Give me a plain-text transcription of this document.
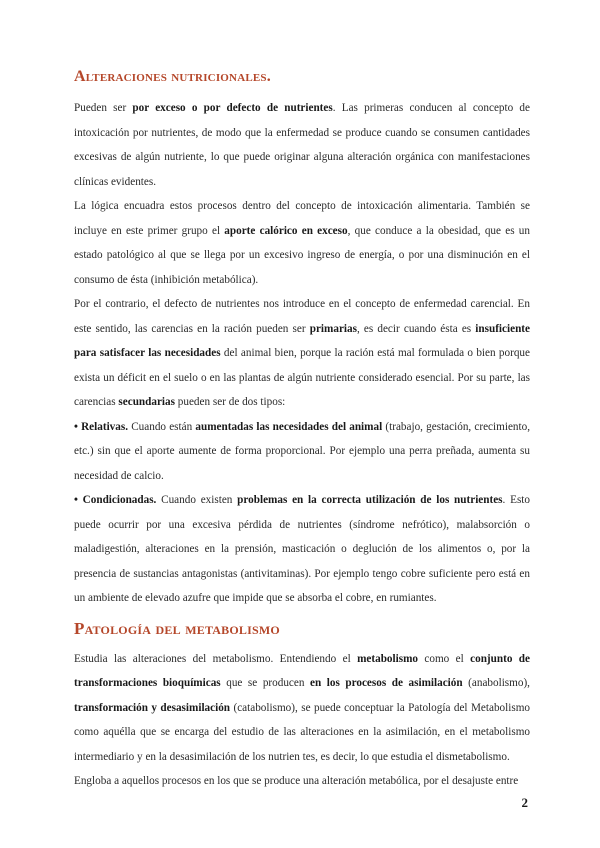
Alteraciones nutricionales.

Pueden ser por exceso o por defecto de nutrientes. Las primeras conducen al concepto de intoxicación por nutrientes, de modo que la enfermedad se produce cuando se consumen cantidades excesivas de algún nutriente, lo que puede originar alguna alteración orgánica con manifestaciones clínicas evidentes.

La lógica encuadra estos procesos dentro del concepto de intoxicación alimentaria. También se incluye en este primer grupo el aporte calórico en exceso, que conduce a la obesidad, que es un estado patológico al que se llega por un excesivo ingreso de energía, o por una disminución en el consumo de ésta (inhibición metabólica).

Por el contrario, el defecto de nutrientes nos introduce en el concepto de enfermedad carencial. En este sentido, las carencias en la ración pueden ser primarias, es decir cuando ésta es insuficiente para satisfacer las necesidades del animal bien, porque la ración está mal formulada o bien porque exista un déficit en el suelo o en las plantas de algún nutriente considerado esencial. Por su parte, las carencias secundarias pueden ser de dos tipos:

• Relativas. Cuando están aumentadas las necesidades del animal (trabajo, gestación, crecimiento, etc.) sin que el aporte aumente de forma proporcional. Por ejemplo una perra preñada, aumenta su necesidad de calcio.

• Condicionadas. Cuando existen problemas en la correcta utilización de los nutrientes. Esto puede ocurrir por una excesiva pérdida de nutrientes (síndrome nefrótico), malabsorción o maladigestión, alteraciones en la prensión, masticación o deglución de los alimentos o, por la presencia de sustancias antagonistas (antivitaminas). Por ejemplo tengo cobre suficiente pero está en un ambiente de elevado azufre que impide que se absorba el cobre, en rumiantes.

Patología del metabolismo

Estudia las alteraciones del metabolismo. Entendiendo el metabolismo como el conjunto de transformaciones bioquímicas que se producen en los procesos de asimilación (anabolismo), transformación y desasimilación (catabolismo), se puede conceptuar la Patología del Metabolismo como aquélla que se encarga del estudio de las alteraciones en la asimilación, en el metabolismo intermediario y en la desasimilación de los nutrien tes, es decir, lo que estudia el dismetabolismo.

Engloba a aquellos procesos en los que se produce una alteración metabólica, por el desajuste entre

2
